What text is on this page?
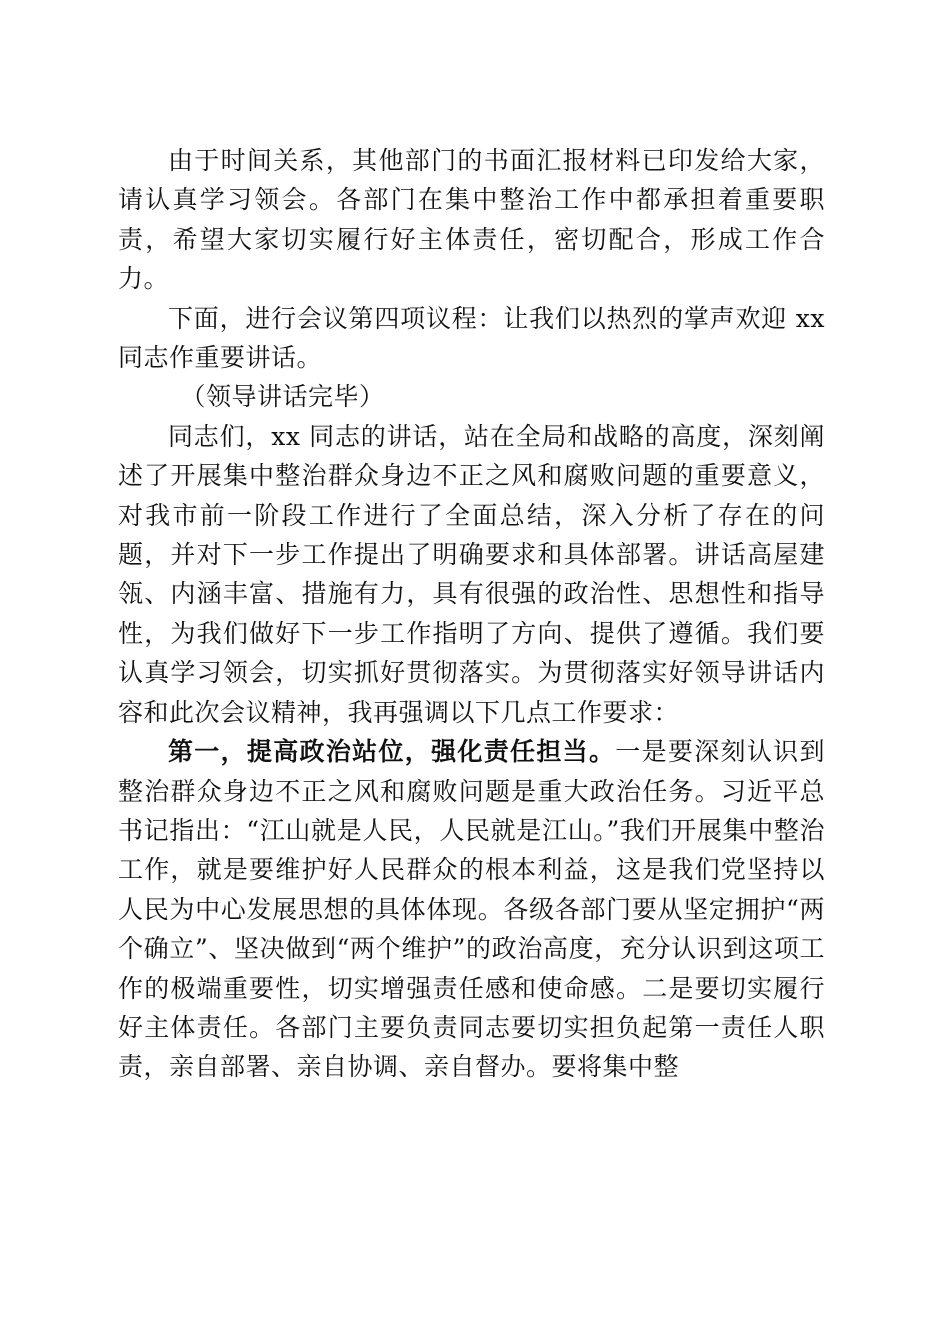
由于时间关系，其他部门的书面汇报材料已印发给大家，请认真学习领会。各部门在集中整治工作中都承担着重要职责，希望大家切实履行好主体责任，密切配合，形成工作合力。

下面，进行会议第四项议程：让我们以热烈的掌声欢迎 xx 同志作重要讲话。

（领导讲话完毕）

同志们，xx 同志的讲话，站在全局和战略的高度，深刻阐述了开展集中整治群众身边不正之风和腐败问题的重要意义，对我市前一阶段工作进行了全面总结，深入分析了存在的问题，并对下一步工作提出了明确要求和具体部署。讲话高屋建瓴、内涵丰富、措施有力，具有很强的政治性、思想性和指导性，为我们做好下一步工作指明了方向、提供了遵循。我们要认真学习领会，切实抓好贯彻落实。为贯彻落实好领导讲话内容和此次会议精神，我再强调以下几点工作要求：

第一，提高政治站位，强化责任担当。一是要深刻认识到整治群众身边不正之风和腐败问题是重大政治任务。习近平总书记指出：“江山就是人民，人民就是江山。”我们开展集中整治工作，就是要维护好人民群众的根本利益，这是我们党坚持以人民为中心发展思想的具体体现。各级各部门要从坚定拥护“两个确立”、坚决做到“两个维护”的政治高度，充分认识到这项工作的极端重要性，切实增强责任感和使命感。二是要切实履行好主体责任。各部门主要负责同志要切实担负起第一责任人职责，亲自部署、亲自协调、亲自督办。要将集中整
